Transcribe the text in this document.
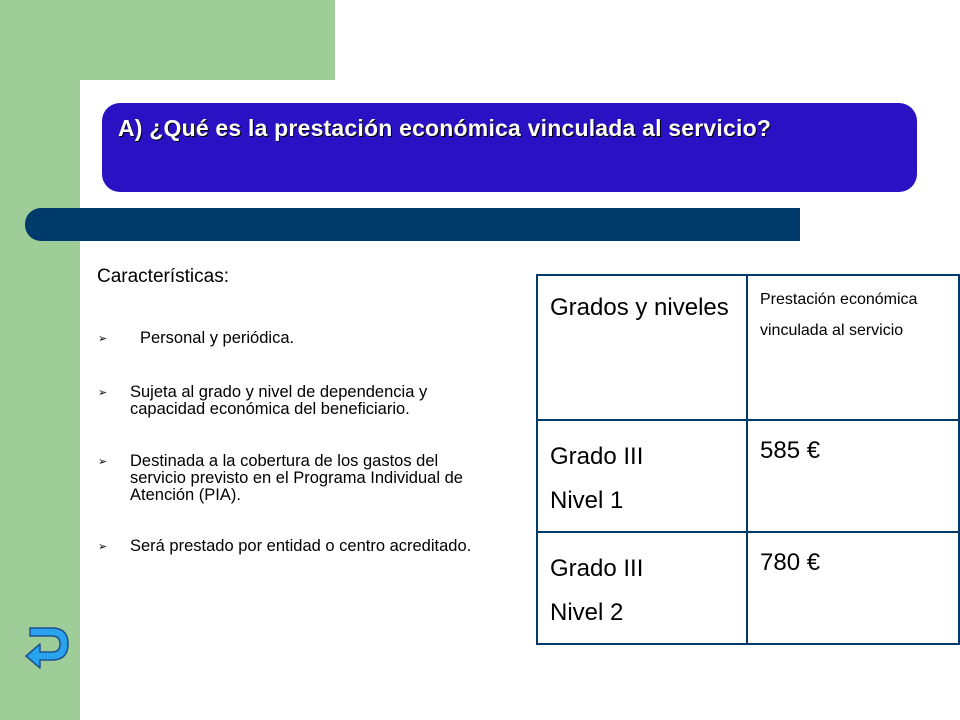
A) ¿Qué es la prestación económica vinculada al servicio?
Características:
➢	Personal y periódica.
➢	Sujeta al grado y nivel de dependencia y capacidad económica del beneficiario.
➢	Destinada a la cobertura de los gastos del servicio previsto en el Programa Individual de Atención (PIA).
➢	Será prestado por entidad o centro acreditado.
Grados y niveles	Prestación económica vinculada al servicio

Grado III
Nivel 1	585 €

Grado III
Nivel 2	780 €
